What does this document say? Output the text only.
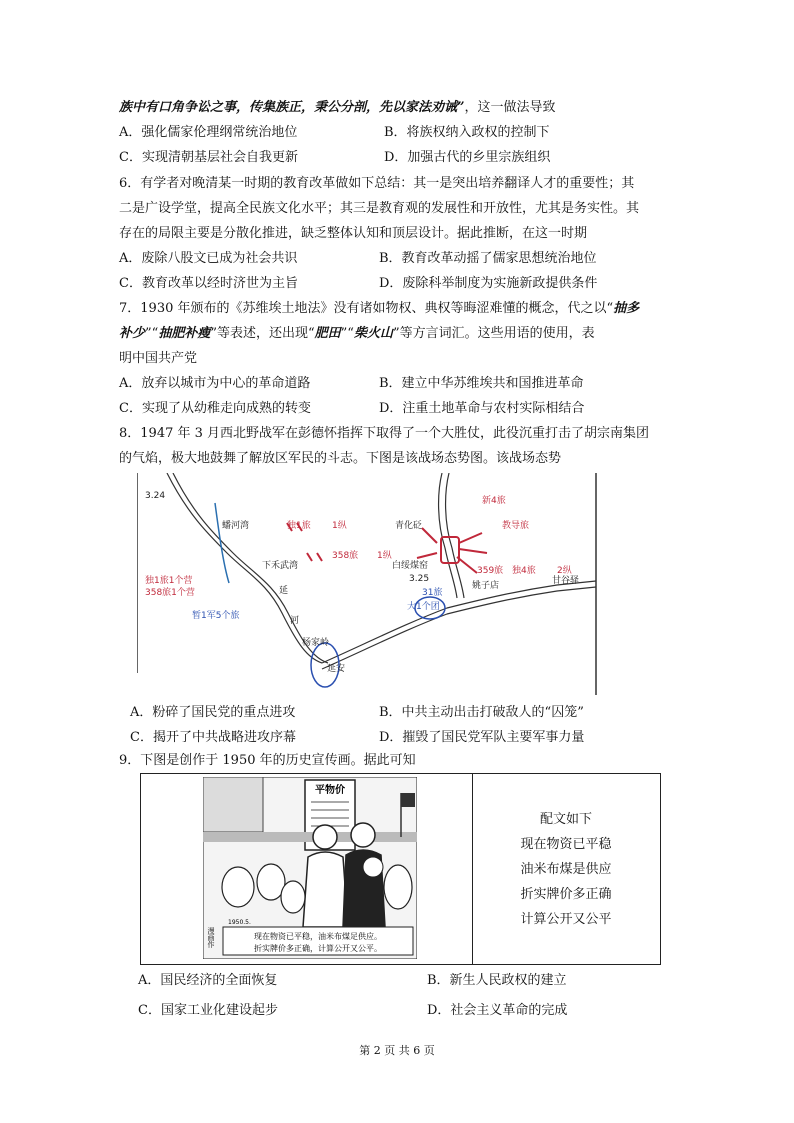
族中有口角争讼之事，传集族正，秉公分剖，先以家法劝诫”，这一做法导致
A．强化儒家伦理纲常统治地位	B．将族权纳入政权的控制下
C．实现清朝基层社会自我更新	D．加强古代的乡里宗族组织
6．有学者对晚清某一时期的教育改革做如下总结：其一是突出培养翻译人才的重要性；其
二是广设学堂，提高全民族文化水平；其三是教育观的发展性和开放性，尤其是务实性。其
存在的局限主要是分散化推进，缺乏整体认知和顶层设计。据此推断，在这一时期
A．废除八股文已成为社会共识	B．教育改革动摇了儒家思想统治地位
C．教育改革以经时济世为主旨	D．废除科举制度为实施新政提供条件
7．1930 年颁布的《苏维埃土地法》没有诸如物权、典权等晦涩难懂的概念，代之以“抽多
补少”“抽肥补瘦”等表述，还出现“肥田”“柴火山”等方言词汇。这些用语的使用，表
明中国共产党
A．放弃以城市为中心的革命道路	B．建立中华苏维埃共和国推进革命
C．实现了从幼稚走向成熟的转变	D．注重土地革命与农村实际相结合
8．1947 年 3 月西北野战军在彭德怀指挥下取得了一个大胜仗，此役沉重打击了胡宗南集团
的气焰，极大地鼓舞了解放区军民的斗志。下图是该战场态势图。该战场态势
3.24
蟠河湾
独1旅1个营
358旅1个营
独1旅 1纵
358旅 1纵
下禾武湾
延
河
暂1军5个旅
杨家岭
延安
青化砭
新4旅
教导旅
白绥煤窑
3.25
359旅 独4旅 2纵
姚子店	甘谷驿
31旅
大1个团
A．粉碎了国民党的重点进攻	B．中共主动出击打破敌人的“囚笼”
C．揭开了中共战略进攻序幕	D．摧毁了国民党军队主要军事力量
9．下图是创作于 1950 年的历史宣传画。据此可知
平物价
现在物资已平稳，油米布煤足供应。
折实牌价多正确，计算公开又公平。
漫画作
1950.5.
配文如下
现在物资已平稳
油米布煤是供应
折实牌价多正确
计算公开又公平
A．国民经济的全面恢复	B．新生人民政权的建立
C．国家工业化建设起步	D．社会主义革命的完成
第 2 页 共 6 页
